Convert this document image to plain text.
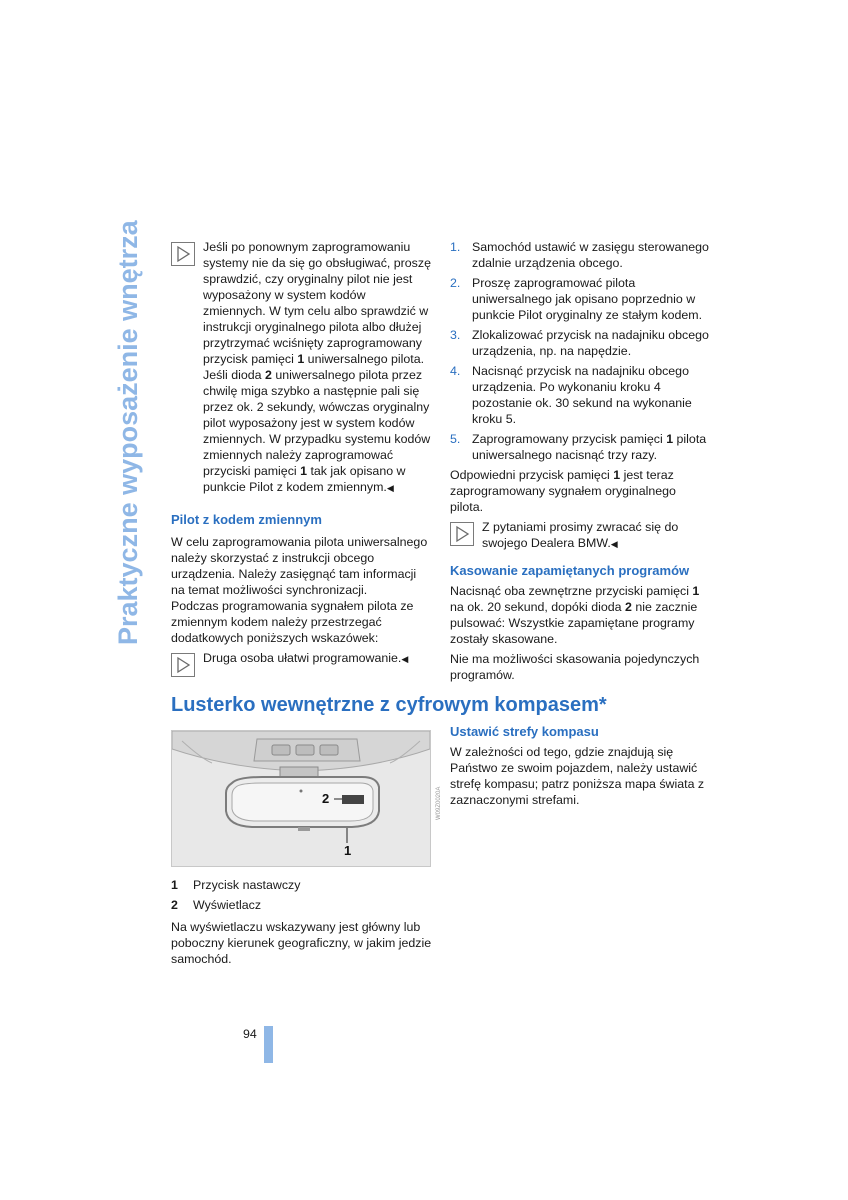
Praktyczne wyposażenie wnętrza	Jeśli po ponownym zaprogramowaniu systemy nie da się go obsługiwać, proszę sprawdzić, czy oryginalny pilot nie jest wyposażony w system kodów zmiennych. W tym celu albo sprawdzić w instrukcji oryginalnego pilota albo dłużej przytrzymać wciśnięty zaprogramowany przycisk pamięci 1 uniwersalnego pilota. Jeśli dioda 2 uniwersalnego pilota przez chwilę miga szybko a następnie pali się przez ok. 2 sekundy, wówczas oryginalny pilot wyposażony jest w system kodów zmiennych. W przypadku systemu kodów zmiennych należy zaprogramować przyciski pamięci 1 tak jak opisano w punkcie Pilot z kodem zmiennym.◀

Pilot z kodem zmiennym

W celu zaprogramowania pilota uniwersalnego należy skorzystać z instrukcji obcego urządzenia. Należy zasięgnąć tam informacji na temat możliwości synchronizacji.

Podczas programowania sygnałem pilota ze zmiennym kodem należy przestrzegać dodatkowych poniższych wskazówek:

Druga osoba ułatwi programowanie.◀

1. Samochód ustawić w zasięgu sterowanego zdalnie urządzenia obcego.
2. Proszę zaprogramować pilota uniwersalnego jak opisano poprzednio w punkcie Pilot oryginalny ze stałym kodem.
3. Zlokalizować przycisk na nadajniku obcego urządzenia, np. na napędzie.
4. Nacisnąć przycisk na nadajniku obcego urządzenia. Po wykonaniu kroku 4 pozostanie ok. 30 sekund na wykonanie kroku 5.
5. Zaprogramowany przycisk pamięci 1 pilota uniwersalnego nacisnąć trzy razy.

Odpowiedni przycisk pamięci 1 jest teraz zaprogramowany sygnałem oryginalnego pilota.

Z pytaniami prosimy zwracać się do swojego Dealera BMW.◀

Kasowanie zapamiętanych programów

Nacisnąć oba zewnętrzne przyciski pamięci 1 na ok. 20 sekund, dopóki dioda 2 nie zacznie pulsować: Wszystkie zapamiętane programy zostały skasowane.

Nie ma możliwości skasowania pojedynczych programów.

Lusterko wewnętrzne z cyfrowym kompasem*
2
1
W09Z0020A
1 Przycisk nastawczy
2 Wyświetlacz

Na wyświetlaczu wskazywany jest główny lub poboczny kierunek geograficzny, w jakim jedzie samochód.

Ustawić strefy kompasu

W zależności od tego, gdzie znajdują się Państwo ze swoim pojazdem, należy ustawić strefę kompasu; patrz poniższa mapa świata z zaznaczonymi strefami.

94
